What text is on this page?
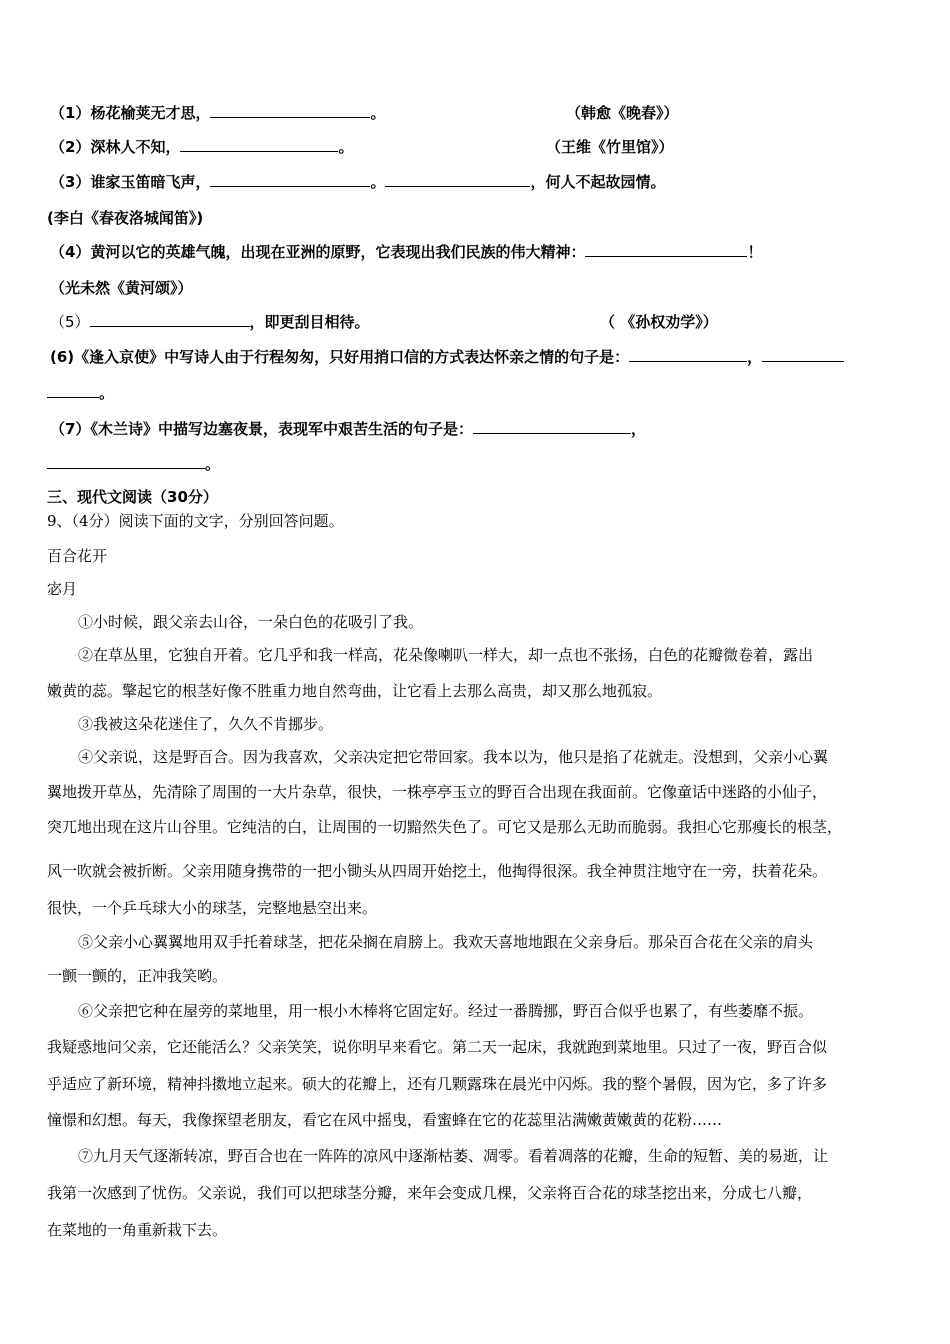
（1）杨花榆荚无才思，	。	（韩愈《晚春》）
（2）深林人不知，	。	（王维《竹里馆》）
（3）谁家玉笛暗飞声，	。	，何人不起故园情。
(李白《春夜洛城闻笛》)
（4）黄河以它的英雄气魄，出现在亚洲的原野，它表现出我们民族的伟大精神：	！
（光未然《黄河颂》）
（5）	，即更刮目相待。	（ 《孙权劝学》）
(6)《逢入京使》中写诗人由于行程匆匆，只好用捎口信的方式表达怀亲之情的句子是：	，
。
（7）《木兰诗》中描写边塞夜景，表现军中艰苦生活的句子是：	，
。
三、现代文阅读（30分）
9、（4分）阅读下面的文字，分别回答问题。
百合花开
宓月
①小时候，跟父亲去山谷，一朵白色的花吸引了我。
②在草丛里，它独自开着。它几乎和我一样高，花朵像喇叭一样大，却一点也不张扬，白色的花瓣微卷着，露出
嫩黄的蕊。擎起它的根茎好像不胜重力地自然弯曲，让它看上去那么高贵，却又那么地孤寂。
③我被这朵花迷住了，久久不肯挪步。
④父亲说，这是野百合。因为我喜欢，父亲决定把它带回家。我本以为，他只是掐了花就走。没想到，父亲小心翼
翼地拨开草丛，先清除了周围的一大片杂草，很快，一株亭亭玉立的野百合出现在我面前。它像童话中迷路的小仙子，
突兀地出现在这片山谷里。它纯洁的白，让周围的一切黯然失色了。可它又是那么无助而脆弱。我担心它那瘦长的根茎，
风一吹就会被折断。父亲用随身携带的一把小锄头从四周开始挖土，他掏得很深。我全神贯注地守在一旁，扶着花朵。
很快，一个乒乓球大小的球茎，完整地悬空出来。
⑤父亲小心翼翼地用双手托着球茎，把花朵搁在肩膀上。我欢天喜地地跟在父亲身后。那朵百合花在父亲的肩头
一颤一颤的，正冲我笑哟。
⑥父亲把它种在屋旁的菜地里，用一根小木棒将它固定好。经过一番腾挪，野百合似乎也累了，有些萎靡不振。
我疑惑地问父亲，它还能活么？父亲笑笑，说你明早来看它。第二天一起床，我就跑到菜地里。只过了一夜，野百合似
乎适应了新环境，精神抖擞地立起来。硕大的花瓣上，还有几颗露珠在晨光中闪烁。我的整个暑假，因为它，多了许多
憧憬和幻想。每天，我像探望老朋友，看它在风中摇曳，看蜜蜂在它的花蕊里沾满嫩黄嫩黄的花粉……
⑦九月天气逐渐转凉，野百合也在一阵阵的凉风中逐渐枯萎、凋零。看着凋落的花瓣，生命的短暂、美的易逝，让
我第一次感到了忧伤。父亲说，我们可以把球茎分瓣，来年会变成几棵，父亲将百合花的球茎挖出来，分成七八瓣，
在菜地的一角重新栽下去。
